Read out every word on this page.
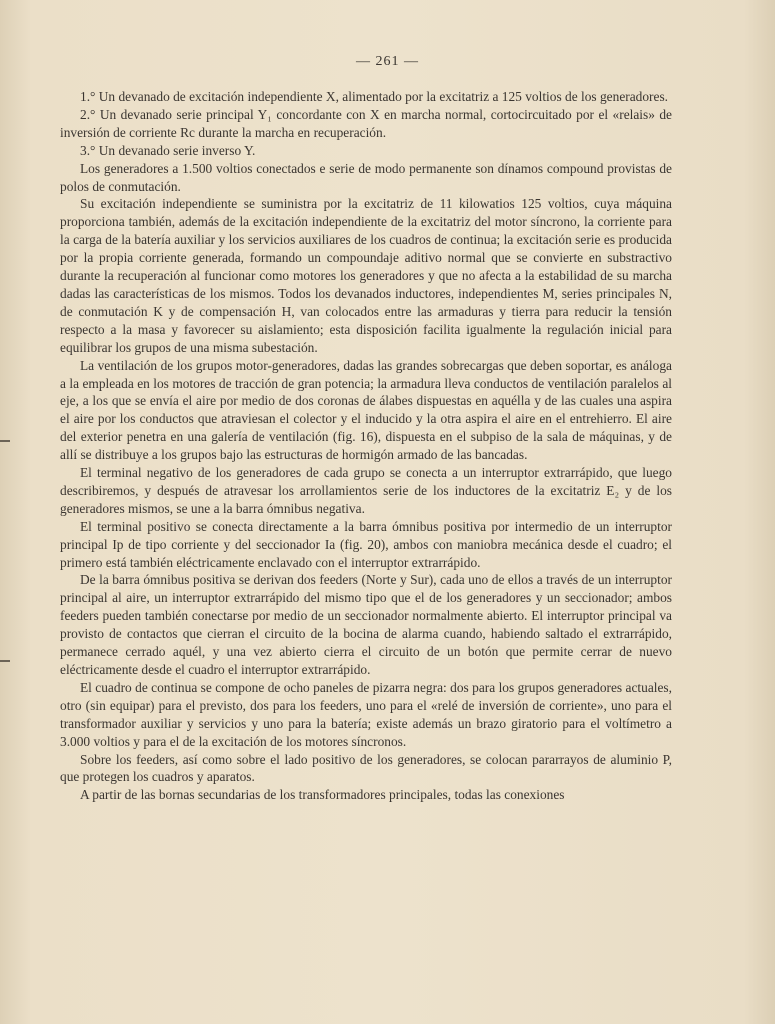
— 261 —

1.° Un devanado de excitación independiente X, alimentado por la excitatriz a 125 voltios de los generadores.

2.° Un devanado serie principal Y₁ concordante con X en marcha normal, cortocircuitado por el «relais» de inversión de corriente Rc durante la marcha en recuperación.

3.° Un devanado serie inverso Y.

Los generadores a 1.500 voltios conectados e serie de modo permanente son dínamos compound provistas de polos de conmutación.

Su excitación independiente se suministra por la excitatriz de 11 kilowatios 125 voltios, cuya máquina proporciona también, además de la excitación independiente de la excitatriz del motor síncrono, la corriente para la carga de la batería auxiliar y los servicios auxiliares de los cuadros de continua; la excitación serie es producida por la propia corriente generada, formando un compoundaje aditivo normal que se convierte en substractivo durante la recuperación al funcionar como motores los generadores y que no afecta a la estabilidad de su marcha dadas las características de los mismos. Todos los devanados inductores, independientes M, series principales N, de conmutación K y de compensación H, van colocados entre las armaduras y tierra para reducir la tensión respecto a la masa y favorecer su aislamiento; esta disposición facilita igualmente la regulación inicial para equilibrar los grupos de una misma subestación.

La ventilación de los grupos motor-generadores, dadas las grandes sobrecargas que deben soportar, es análoga a la empleada en los motores de tracción de gran potencia; la armadura lleva conductos de ventilación paralelos al eje, a los que se envía el aire por medio de dos coronas de álabes dispuestas en aquélla y de las cuales una aspira el aire por los conductos que atraviesan el colector y el inducido y la otra aspira el aire en el entrehierro. El aire del exterior penetra en una galería de ventilación (fig. 16), dispuesta en el subpiso de la sala de máquinas, y de allí se distribuye a los grupos bajo las estructuras de hormigón armado de las bancadas.

El terminal negativo de los generadores de cada grupo se conecta a un interruptor extrarrápido, que luego describiremos, y después de atravesar los arrollamientos serie de los inductores de la excitatriz E₂ y de los generadores mismos, se une a la barra ómnibus negativa.

El terminal positivo se conecta directamente a la barra ómnibus positiva por intermedio de un interruptor principal Ip de tipo corriente y del seccionador Ia (fig. 20), ambos con maniobra mecánica desde el cuadro; el primero está también eléctricamente enclavado con el interruptor extrarrápido.

De la barra ómnibus positiva se derivan dos feeders (Norte y Sur), cada uno de ellos a través de un interruptor principal al aire, un interruptor extrarrápido del mismo tipo que el de los generadores y un seccionador; ambos feeders pueden también conectarse por medio de un seccionador normalmente abierto. El interruptor principal va provisto de contactos que cierran el circuito de la bocina de alarma cuando, habiendo saltado el extrarrápido, permanece cerrado aquél, y una vez abierto cierra el circuito de un botón que permite cerrar de nuevo eléctricamente desde el cuadro el interruptor extrarrápido.

El cuadro de continua se compone de ocho paneles de pizarra negra: dos para los grupos generadores actuales, otro (sin equipar) para el previsto, dos para los feeders, uno para el «relé de inversión de corriente», uno para el transformador auxiliar y servicios y uno para la batería; existe además un brazo giratorio para el voltímetro a 3.000 voltios y para el de la excitación de los motores síncronos.

Sobre los feeders, así como sobre el lado positivo de los generadores, se colocan pararrayos de aluminio P, que protegen los cuadros y aparatos.

A partir de las bornas secundarias de los transformadores principales, todas las conexiones
